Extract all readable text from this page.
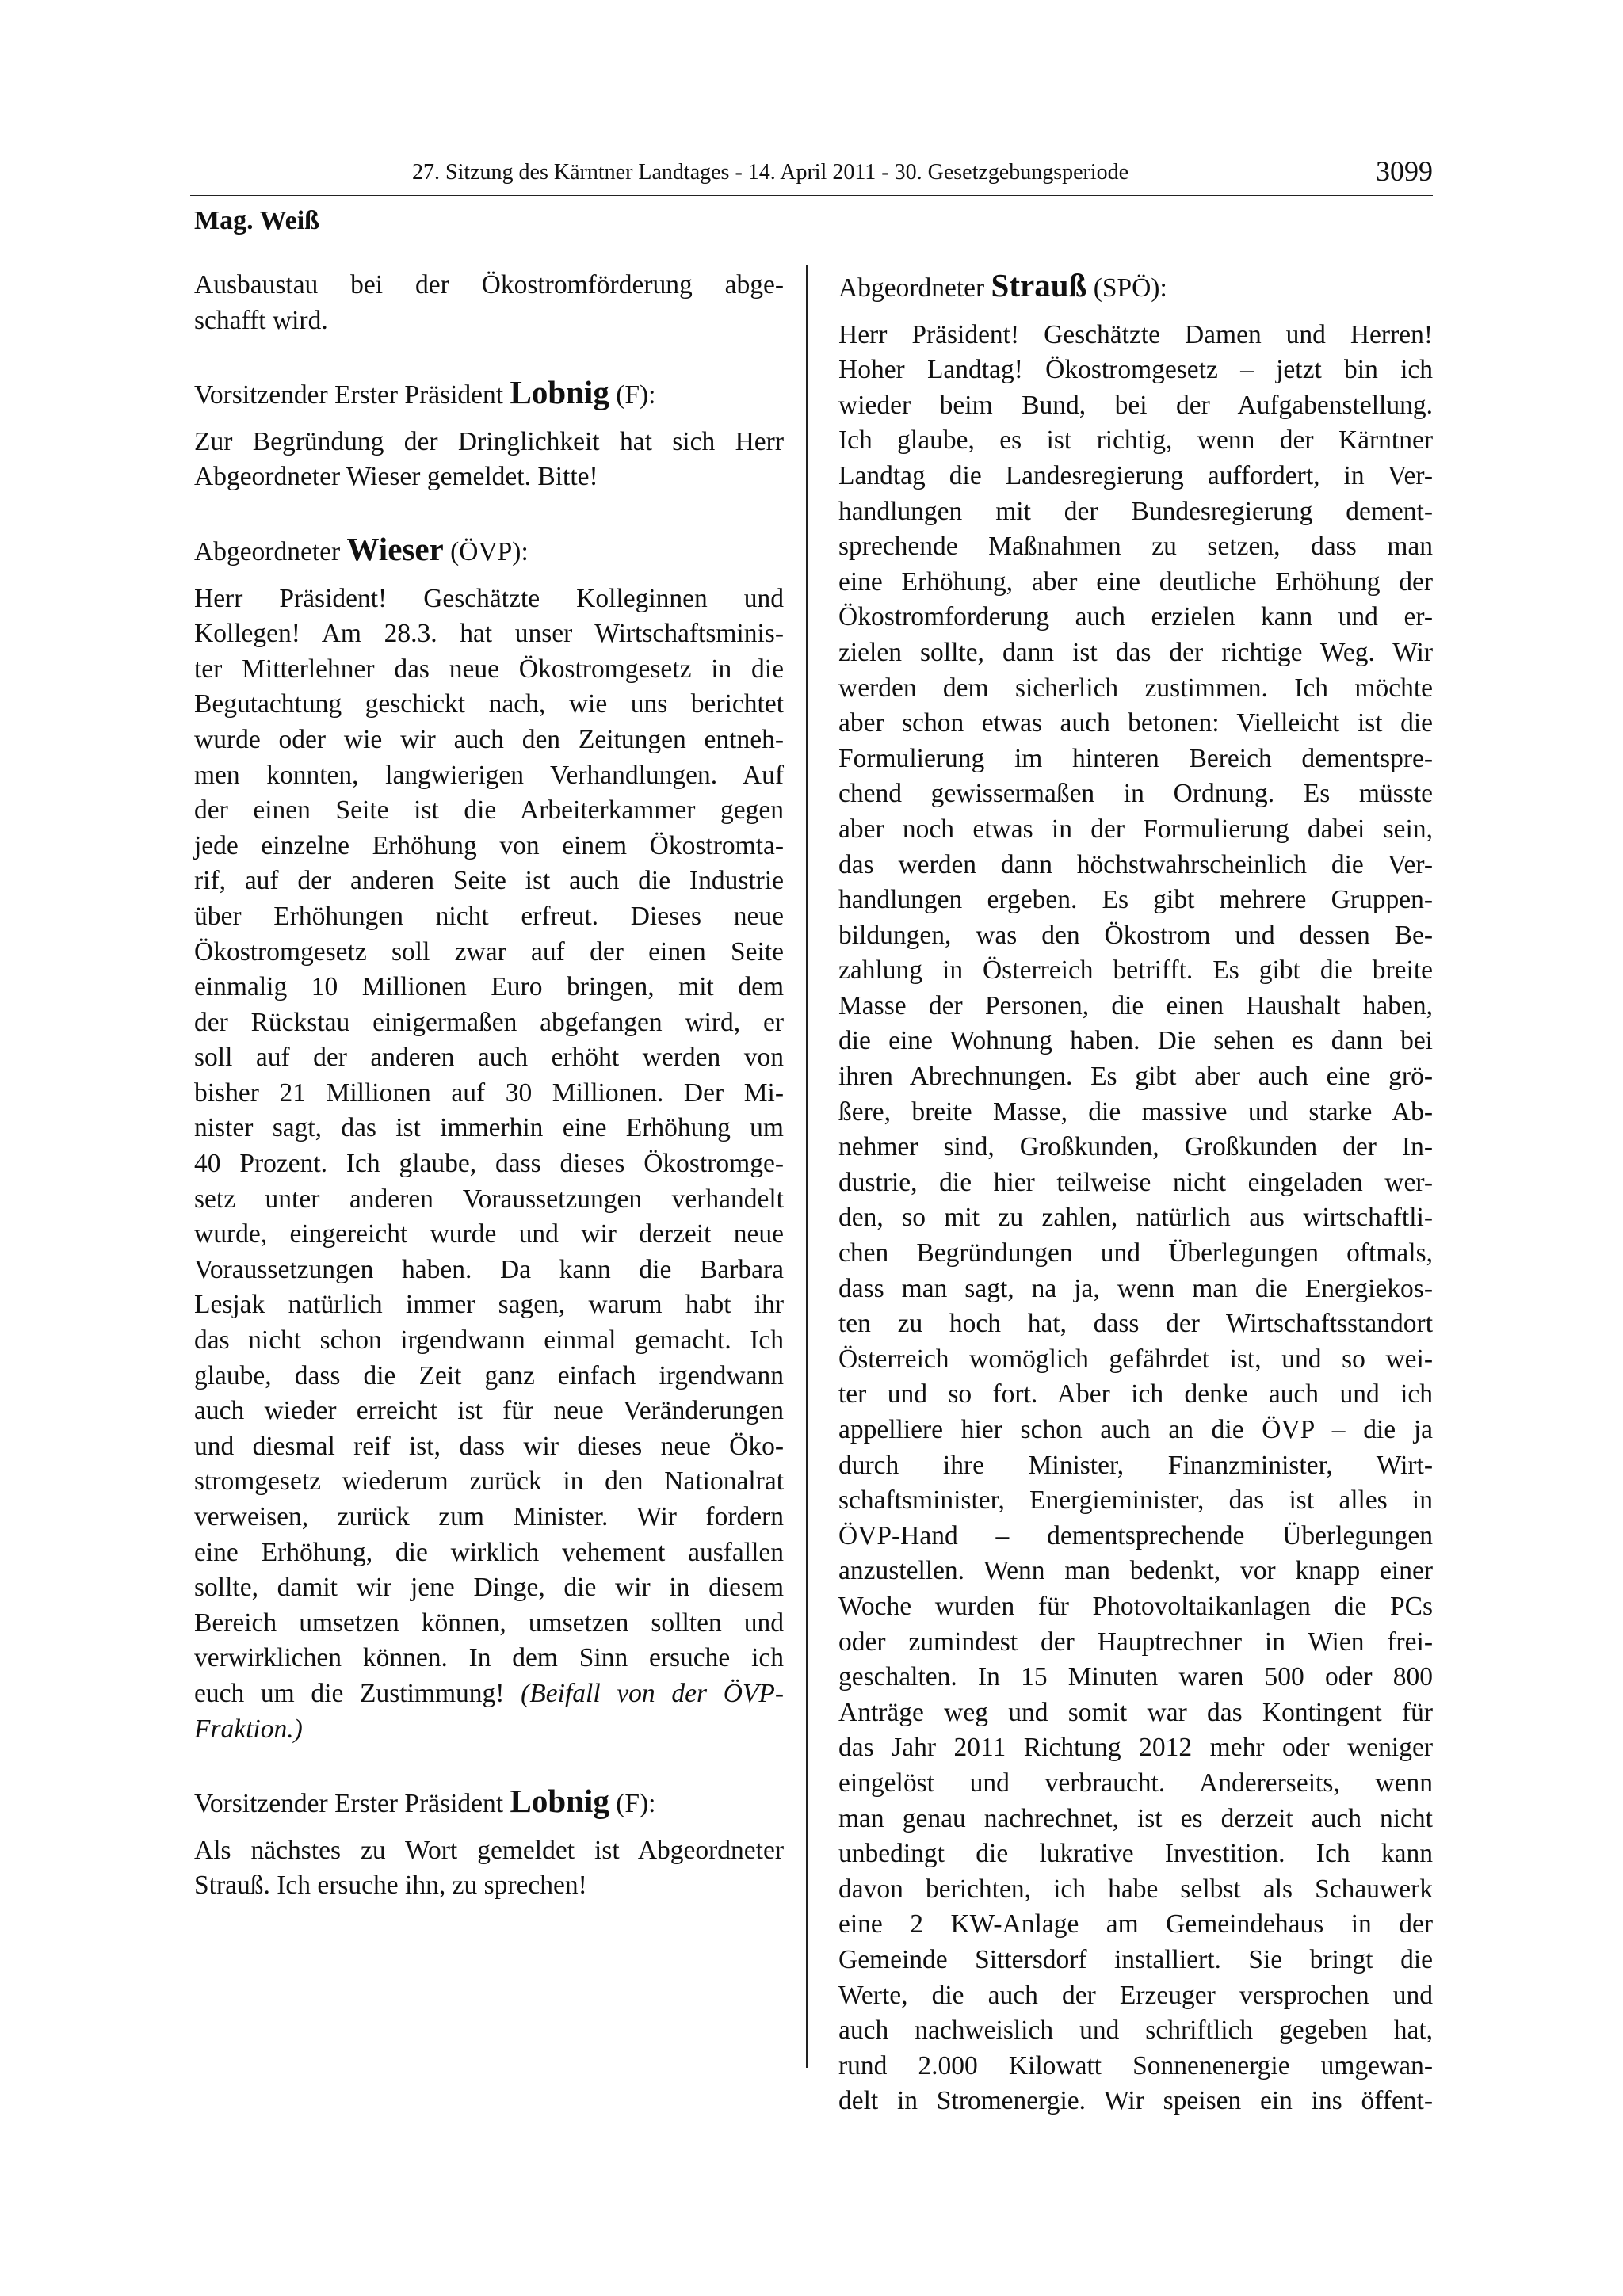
27. Sitzung des Kärntner Landtages - 14. April 2011 - 30. Gesetzgebungsperiode	3099
Mag. Weiß
Ausbaustau bei der Ökostromförderung abge-
schafft wird.
Vorsitzender Erster Präsident Lobnig (F):
Zur Begründung der Dringlichkeit hat sich Herr
Abgeordneter Wieser gemeldet. Bitte!
Abgeordneter Wieser (ÖVP):
Herr Präsident! Geschätzte Kolleginnen und
Kollegen! Am 28.3. hat unser Wirtschaftsminis-
ter Mitterlehner das neue Ökostromgesetz in die
Begutachtung geschickt nach, wie uns berichtet
wurde oder wie wir auch den Zeitungen entneh-
men konnten, langwierigen Verhandlungen. Auf
der einen Seite ist die Arbeiterkammer gegen
jede einzelne Erhöhung von einem Ökostromta-
rif, auf der anderen Seite ist auch die Industrie
über Erhöhungen nicht erfreut. Dieses neue
Ökostromgesetz soll zwar auf der einen Seite
einmalig 10 Millionen Euro bringen, mit dem
der Rückstau einigermaßen abgefangen wird, er
soll auf der anderen auch erhöht werden von
bisher 21 Millionen auf 30 Millionen. Der Mi-
nister sagt, das ist immerhin eine Erhöhung um
40 Prozent. Ich glaube, dass dieses Ökostromge-
setz unter anderen Voraussetzungen verhandelt
wurde, eingereicht wurde und wir derzeit neue
Voraussetzungen haben. Da kann die Barbara
Lesjak natürlich immer sagen, warum habt ihr
das nicht schon irgendwann einmal gemacht. Ich
glaube, dass die Zeit ganz einfach irgendwann
auch wieder erreicht ist für neue Veränderungen
und diesmal reif ist, dass wir dieses neue Öko-
stromgesetz wiederum zurück in den Nationalrat
verweisen, zurück zum Minister. Wir fordern
eine Erhöhung, die wirklich vehement ausfallen
sollte, damit wir jene Dinge, die wir in diesem
Bereich umsetzen können, umsetzen sollten und
verwirklichen können. In dem Sinn ersuche ich
euch um die Zustimmung! (Beifall von der ÖVP-
Fraktion.)
Vorsitzender Erster Präsident Lobnig (F):
Als nächstes zu Wort gemeldet ist Abgeordneter
Strauß. Ich ersuche ihn, zu sprechen!
Abgeordneter Strauß (SPÖ):
Herr Präsident! Geschätzte Damen und Herren!
Hoher Landtag! Ökostromgesetz – jetzt bin ich
wieder beim Bund, bei der Aufgabenstellung.
Ich glaube, es ist richtig, wenn der Kärntner
Landtag die Landesregierung auffordert, in Ver-
handlungen mit der Bundesregierung dement-
sprechende Maßnahmen zu setzen, dass man
eine Erhöhung, aber eine deutliche Erhöhung der
Ökostromforderung auch erzielen kann und er-
zielen sollte, dann ist das der richtige Weg. Wir
werden dem sicherlich zustimmen. Ich möchte
aber schon etwas auch betonen: Vielleicht ist die
Formulierung im hinteren Bereich dementspre-
chend gewissermaßen in Ordnung. Es müsste
aber noch etwas in der Formulierung dabei sein,
das werden dann höchstwahrscheinlich die Ver-
handlungen ergeben. Es gibt mehrere Gruppen-
bildungen, was den Ökostrom und dessen Be-
zahlung in Österreich betrifft. Es gibt die breite
Masse der Personen, die einen Haushalt haben,
die eine Wohnung haben. Die sehen es dann bei
ihren Abrechnungen. Es gibt aber auch eine grö-
ßere, breite Masse, die massive und starke Ab-
nehmer sind, Großkunden, Großkunden der In-
dustrie, die hier teilweise nicht eingeladen wer-
den, so mit zu zahlen, natürlich aus wirtschaftli-
chen Begründungen und Überlegungen oftmals,
dass man sagt, na ja, wenn man die Energiekos-
ten zu hoch hat, dass der Wirtschaftsstandort
Österreich womöglich gefährdet ist, und so wei-
ter und so fort. Aber ich denke auch und ich
appelliere hier schon auch an die ÖVP – die ja
durch ihre Minister, Finanzminister, Wirt-
schaftsminister, Energieminister, das ist alles in
ÖVP-Hand – dementsprechende Überlegungen
anzustellen. Wenn man bedenkt, vor knapp einer
Woche wurden für Photovoltaikanlagen die PCs
oder zumindest der Hauptrechner in Wien frei-
geschalten. In 15 Minuten waren 500 oder 800
Anträge weg und somit war das Kontingent für
das Jahr 2011 Richtung 2012 mehr oder weniger
eingelöst und verbraucht. Andererseits, wenn
man genau nachrechnet, ist es derzeit auch nicht
unbedingt die lukrative Investition. Ich kann
davon berichten, ich habe selbst als Schauwerk
eine 2 KW-Anlage am Gemeindehaus in der
Gemeinde Sittersdorf installiert. Sie bringt die
Werte, die auch der Erzeuger versprochen und
auch nachweislich und schriftlich gegeben hat,
rund 2.000 Kilowatt Sonnenenergie umgewan-
delt in Stromenergie. Wir speisen ein ins öffent-
